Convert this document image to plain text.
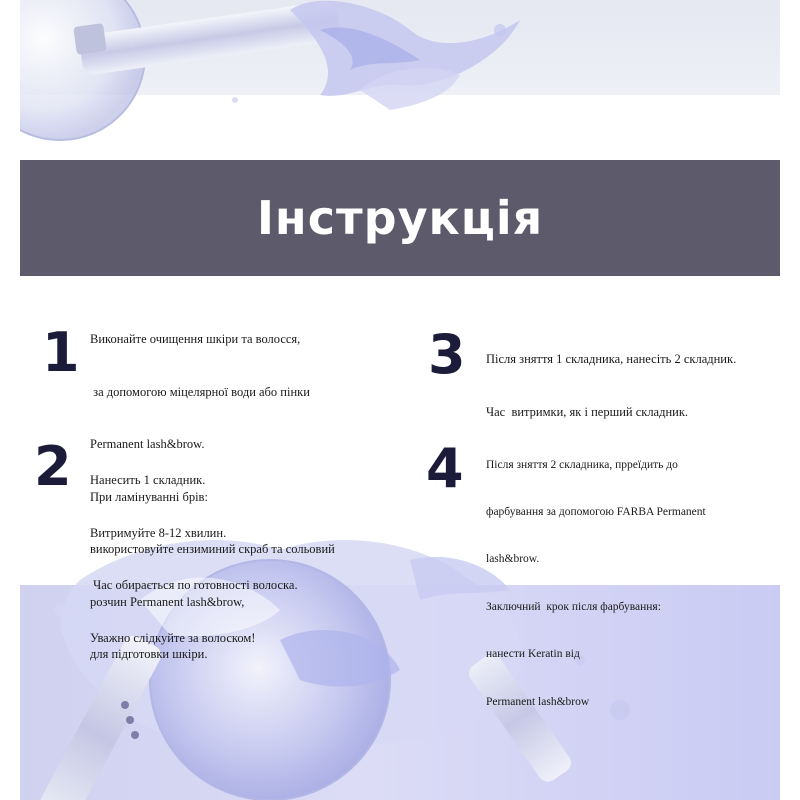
Інструкція
1

Виконайте очищення шкіри та волосся,

за допомогою міцелярної води або пінки

Permanent lash&brow.

При ламінуванні брів:

використовуйте ензиминий скраб та сольовий

розчин Permanent lash&brow,

для підготовки шкіри.

2

Нанесить 1 складник.

Витримуйте 8-12 хвилин.

Час обирається по готовності волоска.

Уважно слідкуйте за волоском!

3

Після зняття 1 складника, нанесіть 2 складник.

Час  витримки, як і перший складник.

4

Після зняття 2 складника, прреїдить до

фарбування за допомогою FARBA Permanent

lash&brow.

Заключний  крок після фарбування:

нанести Keratin від

Permanent lash&brow
